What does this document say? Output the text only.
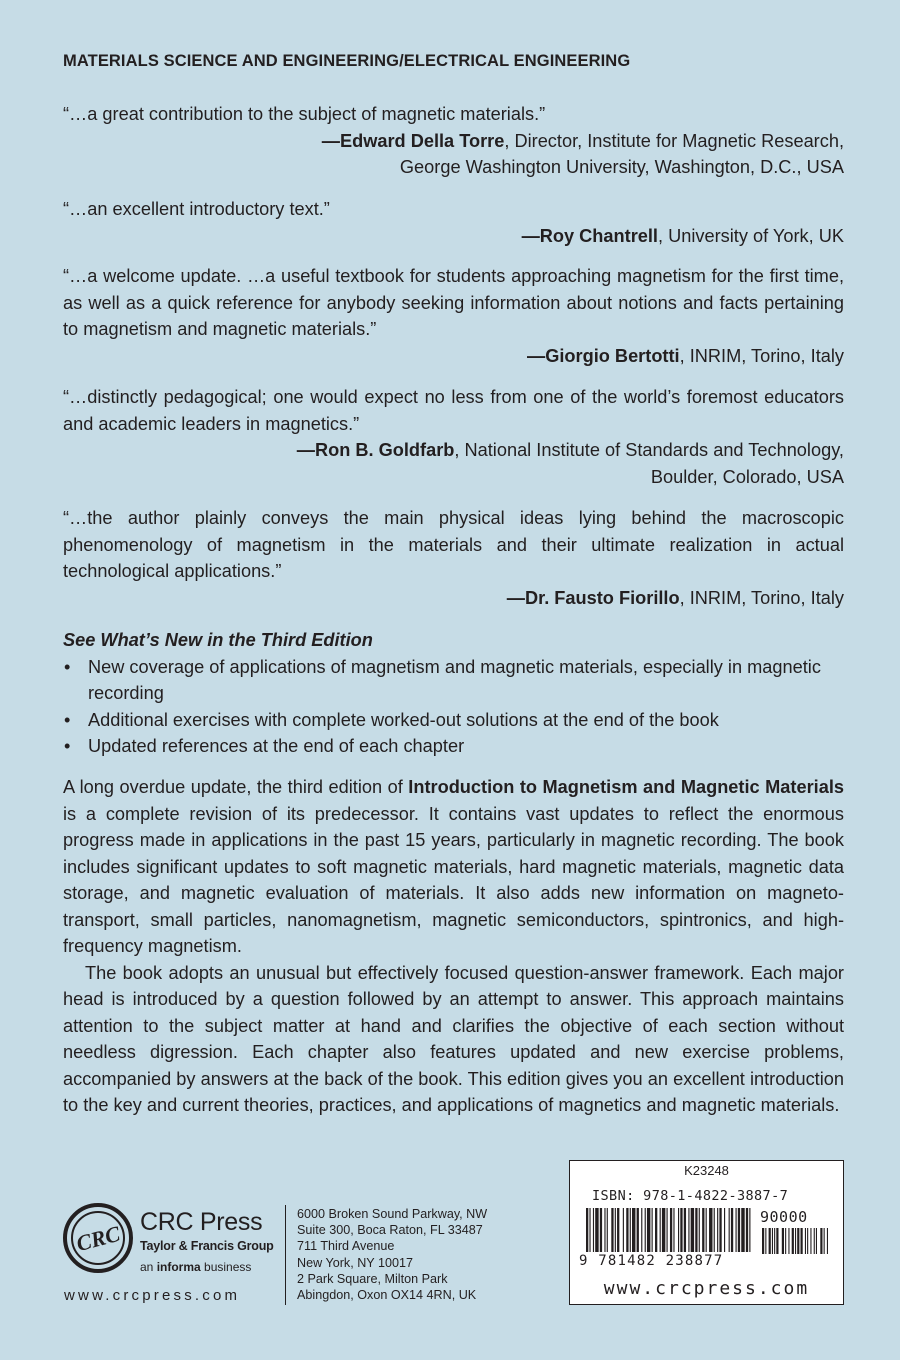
MATERIALS SCIENCE AND ENGINEERING/ELECTRICAL ENGINEERING
“…a great contribution to the subject of magnetic materials.”
—Edward Della Torre, Director, Institute for Magnetic Research,
George Washington University, Washington, D.C., USA
“…an excellent introductory text.”
—Roy Chantrell, University of York, UK
“…a welcome update. …a useful textbook for students approaching magnetism for the first time, as well as a quick reference for anybody seeking information about notions and facts pertaining to magnetism and magnetic materials.”
—Giorgio Bertotti, INRIM, Torino, Italy
“…distinctly pedagogical; one would expect no less from one of the world’s foremost educators and academic leaders in magnetics.”
—Ron B. Goldfarb, National Institute of Standards and Technology,
Boulder, Colorado, USA
“…the author plainly conveys the main physical ideas lying behind the macroscopic phenomenology of magnetism in the materials and their ultimate realization in actual technological applications.”
—Dr. Fausto Fiorillo, INRIM, Torino, Italy
See What’s New in the Third Edition
• New coverage of applications of magnetism and magnetic materials, especially in magnetic recording
• Additional exercises with complete worked-out solutions at the end of the book
• Updated references at the end of each chapter

A long overdue update, the third edition of Introduction to Magnetism and Magnetic Materials is a complete revision of its predecessor. It contains vast updates to reflect the enormous progress made in applications in the past 15 years, particularly in magnetic recording. The book includes significant updates to soft magnetic materials, hard magnetic materials, magnetic data storage, and magnetic evaluation of materials. It also adds new information on magneto-transport, small particles, nanomagnetism, magnetic semiconductors, spintronics, and high-frequency magnetism.

The book adopts an unusual but effectively focused question-answer framework. Each major head is introduced by a question followed by an attempt to answer. This approach maintains attention to the subject matter at hand and clarifies the objective of each section without needless digression. Each chapter also features updated and new exercise problems, accompanied by answers at the back of the book. This edition gives you an excellent introduction to the key and current theories, practices, and applications of magnetics and magnetic materials.

CRC CRC Press
Taylor & Francis Group
an informa business
www.crcpress.com
6000 Broken Sound Parkway, NW
Suite 300, Boca Raton, FL 33487
711 Third Avenue
New York, NY 10017
2 Park Square, Milton Park
Abingdon, Oxon OX14 4RN, UK
K23248
ISBN: 978-1-4822-3887-7
90000
9 781482 238877
www.crcpress.com
